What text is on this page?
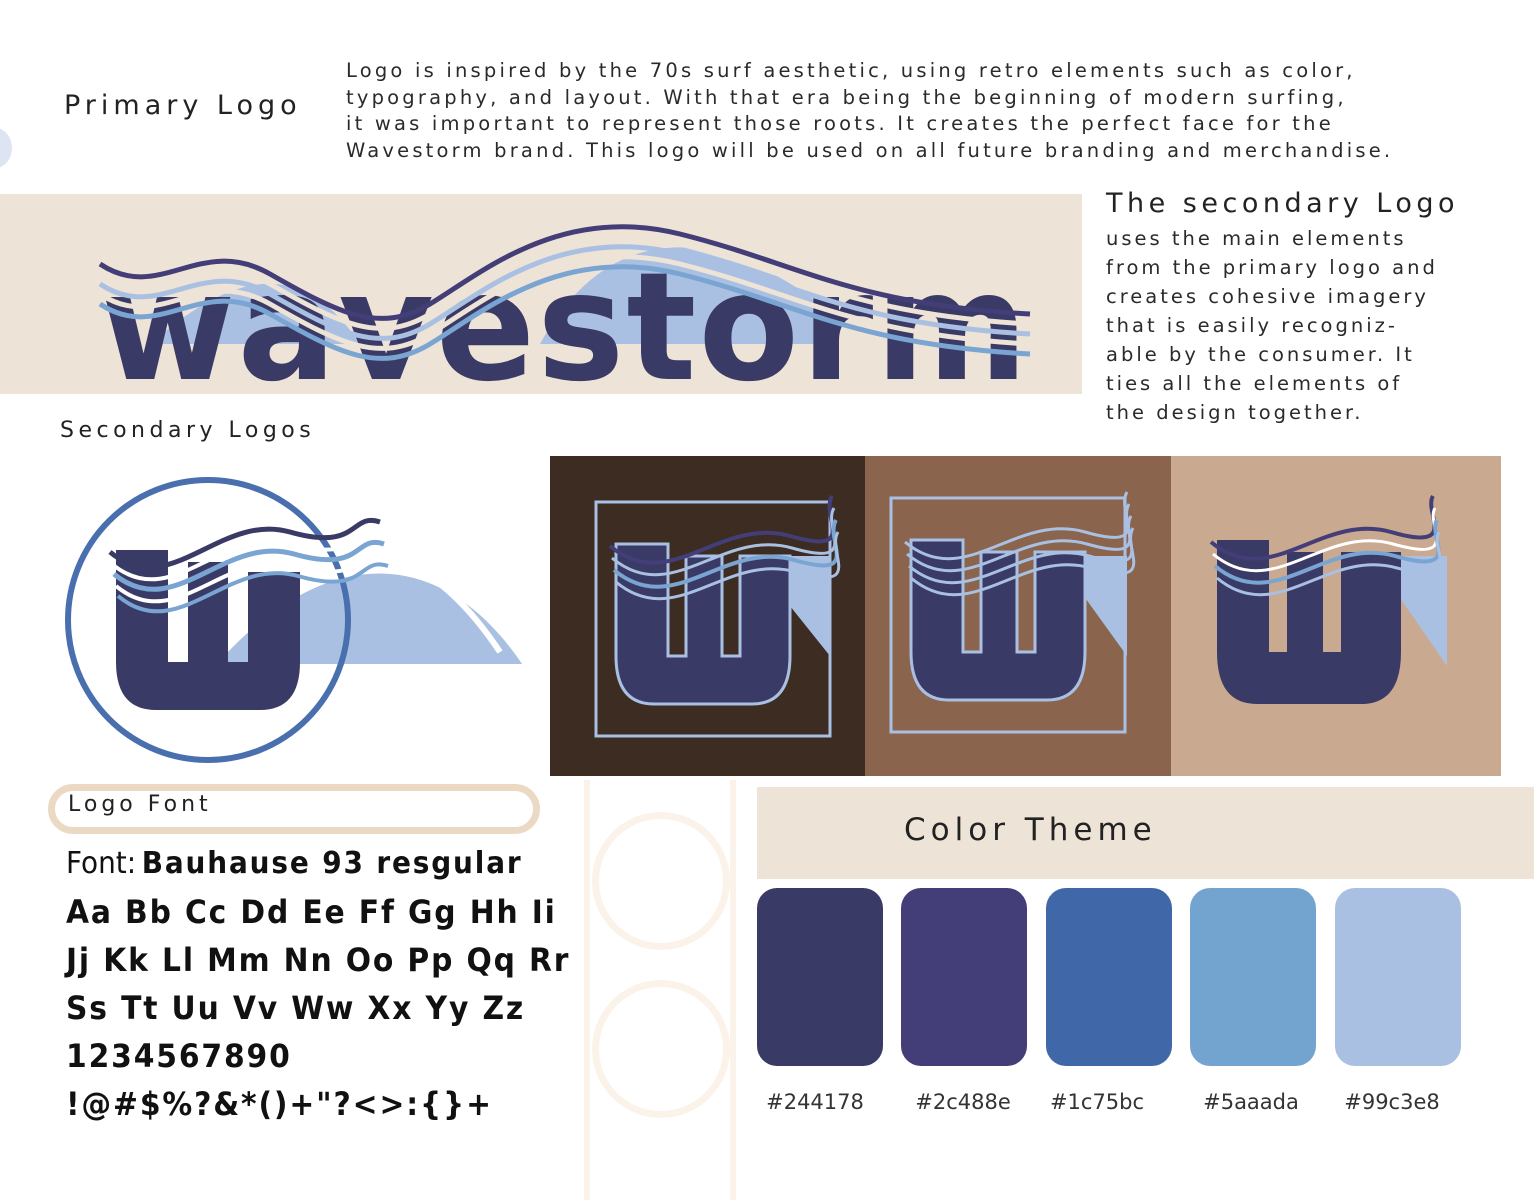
Primary Logo

Logo is inspired by the 70s surf aesthetic, using retro elements such as color,
typography, and layout. With that era being the beginning of modern surfing,
it was important to represent those roots. It creates the perfect face for the
Wavestorm brand. This logo will be used on all future branding and merchandise.

wavestorm
The secondary Logo
uses the main elements
from the primary logo and
creates cohesive imagery
that is easily recogniz-
able by the consumer. It
ties all the elements of
the design together.
Secondary Logos
Logo Font
Font: Bauhause 93 resgular
Aa Bb Cc Dd Ee Ff Gg Hh Ii
Jj Kk Ll Mm Nn Oo Pp Qq Rr
Ss Tt Uu Vv Ww Xx Yy Zz
1234567890
!@#$%?&*()+"?<>:{}+
Color Theme
#244178	#2c488e	#1c75bc	#5aaada	#99c3e8
